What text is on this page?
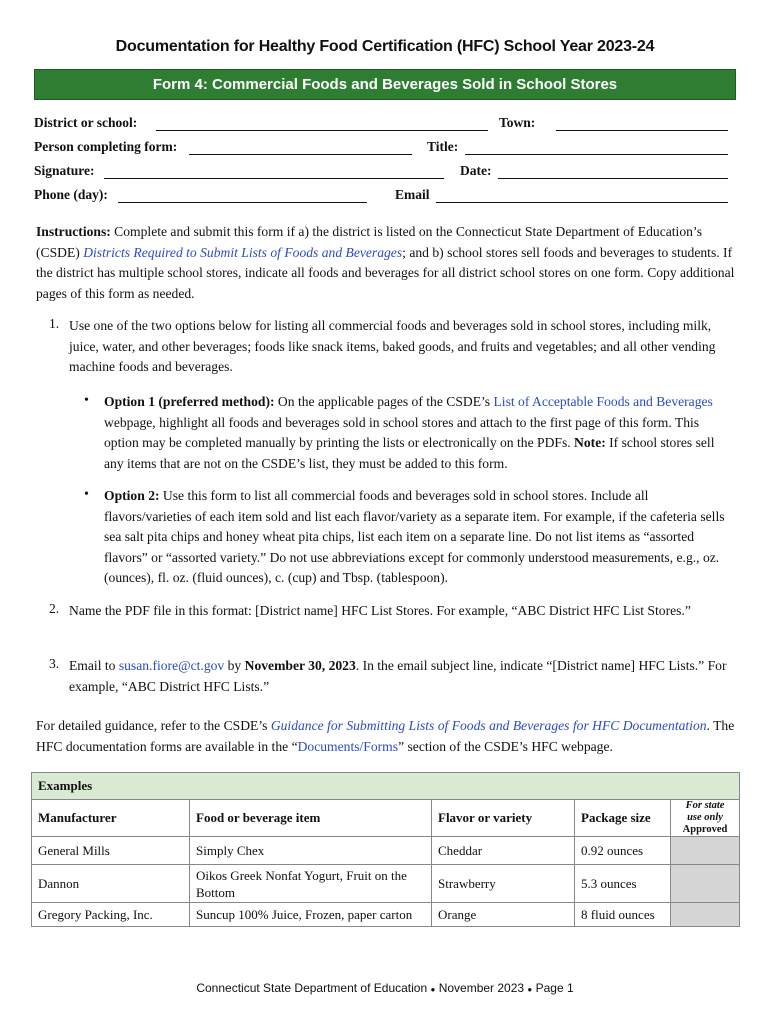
Documentation for Healthy Food Certification (HFC) School Year 2023-24
Form 4: Commercial Foods and Beverages Sold in School Stores
District or school:	Town:
Person completing form:	Title:
Signature:	Date:
Phone (day):	Email
Instructions: Complete and submit this form if a) the district is listed on the Connecticut State Department of Education’s (CSDE) Districts Required to Submit Lists of Foods and Beverages; and b) school stores sell foods and beverages to students. If the district has multiple school stores, indicate all foods and beverages for all district school stores on one form. Copy additional pages of this form as needed.
1. Use one of the two options below for listing all commercial foods and beverages sold in school stores, including milk, juice, water, and other beverages; foods like snack items, baked goods, and fruits and vegetables; and all other vending machine foods and beverages.
• Option 1 (preferred method): On the applicable pages of the CSDE’s List of Acceptable Foods and Beverages webpage, highlight all foods and beverages sold in school stores and attach to the first page of this form. This option may be completed manually by printing the lists or electronically on the PDFs. Note: If school stores sell any items that are not on the CSDE’s list, they must be added to this form.
• Option 2: Use this form to list all commercial foods and beverages sold in school stores. Include all flavors/varieties of each item sold and list each flavor/variety as a separate item. For example, if the cafeteria sells sea salt pita chips and honey wheat pita chips, list each item on a separate line. Do not list items as “assorted flavors” or “assorted variety.” Do not use abbreviations except for commonly understood measurements, e.g., oz. (ounces), fl. oz. (fluid ounces), c. (cup) and Tbsp. (tablespoon).
2. Name the PDF file in this format: [District name] HFC List Stores. For example, “ABC District HFC List Stores.”
3. Email to susan.fiore@ct.gov by November 30, 2023. In the email subject line, indicate “[District name] HFC Lists.” For example, “ABC District HFC Lists.”
For detailed guidance, refer to the CSDE’s Guidance for Submitting Lists of Foods and Beverages for HFC Documentation. The HFC documentation forms are available in the “Documents/Forms” section of the CSDE’s HFC webpage.
Examples				
Manufacturer	Food or beverage item	Flavor or variety	Package size	For state
use only
Approved

General Mills	Simply Chex	Cheddar	0.92 ounces	
Dannon	Oikos Greek Nonfat Yogurt, Fruit on the Bottom	Strawberry	5.3 ounces	
Gregory Packing, Inc.	Suncup 100% Juice, Frozen, paper carton	Orange	8 fluid ounces	
Connecticut State Department of Education ● November 2023 ● Page 1
